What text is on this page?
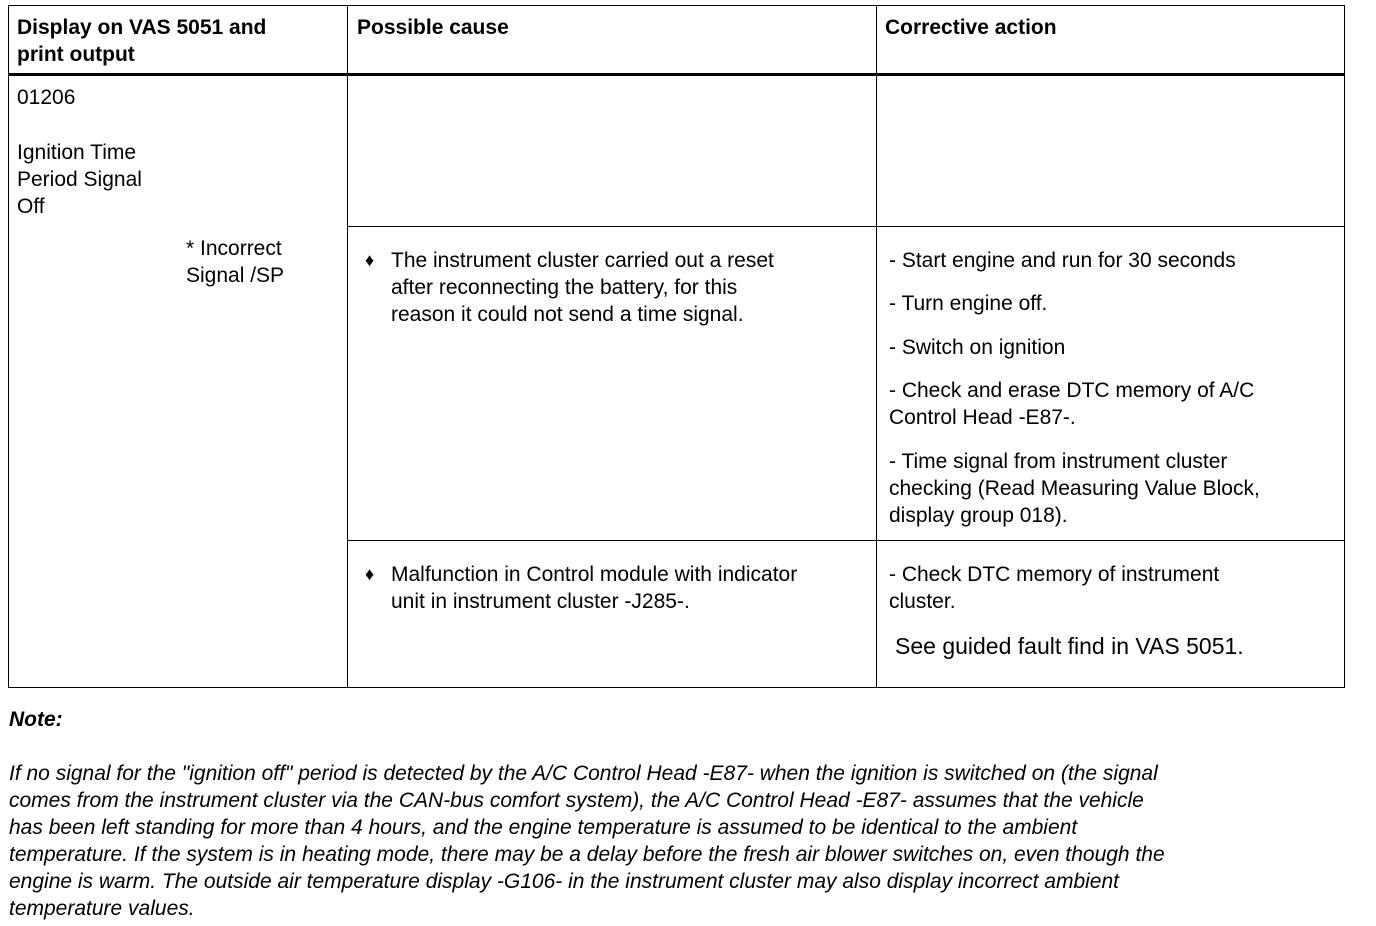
Display on VAS 5051 and
print output
Possible cause	Corrective action
01206
Ignition Time
Period Signal
Off
* Incorrect
Signal /SP
♦ The instrument cluster carried out a reset
after reconnecting the battery, for this
reason it could not send a time signal.
- Start engine and run for 30 seconds
- Turn engine off.
- Switch on ignition
- Check and erase DTC memory of A/C
Control Head -E87-.
- Time signal from instrument cluster
checking (Read Measuring Value Block,
display group 018).
♦ Malfunction in Control module with indicator
unit in instrument cluster -J285-.
- Check DTC memory of instrument
cluster.
See guided fault find in VAS 5051.
Note:
If no signal for the "ignition off" period is detected by the A/C Control Head -E87- when the ignition is switched on (the signal
comes from the instrument cluster via the CAN-bus comfort system), the A/C Control Head -E87- assumes that the vehicle
has been left standing for more than 4 hours, and the engine temperature is assumed to be identical to the ambient
temperature. If the system is in heating mode, there may be a delay before the fresh air blower switches on, even though the
engine is warm. The outside air temperature display -G106- in the instrument cluster may also display incorrect ambient
temperature values.
